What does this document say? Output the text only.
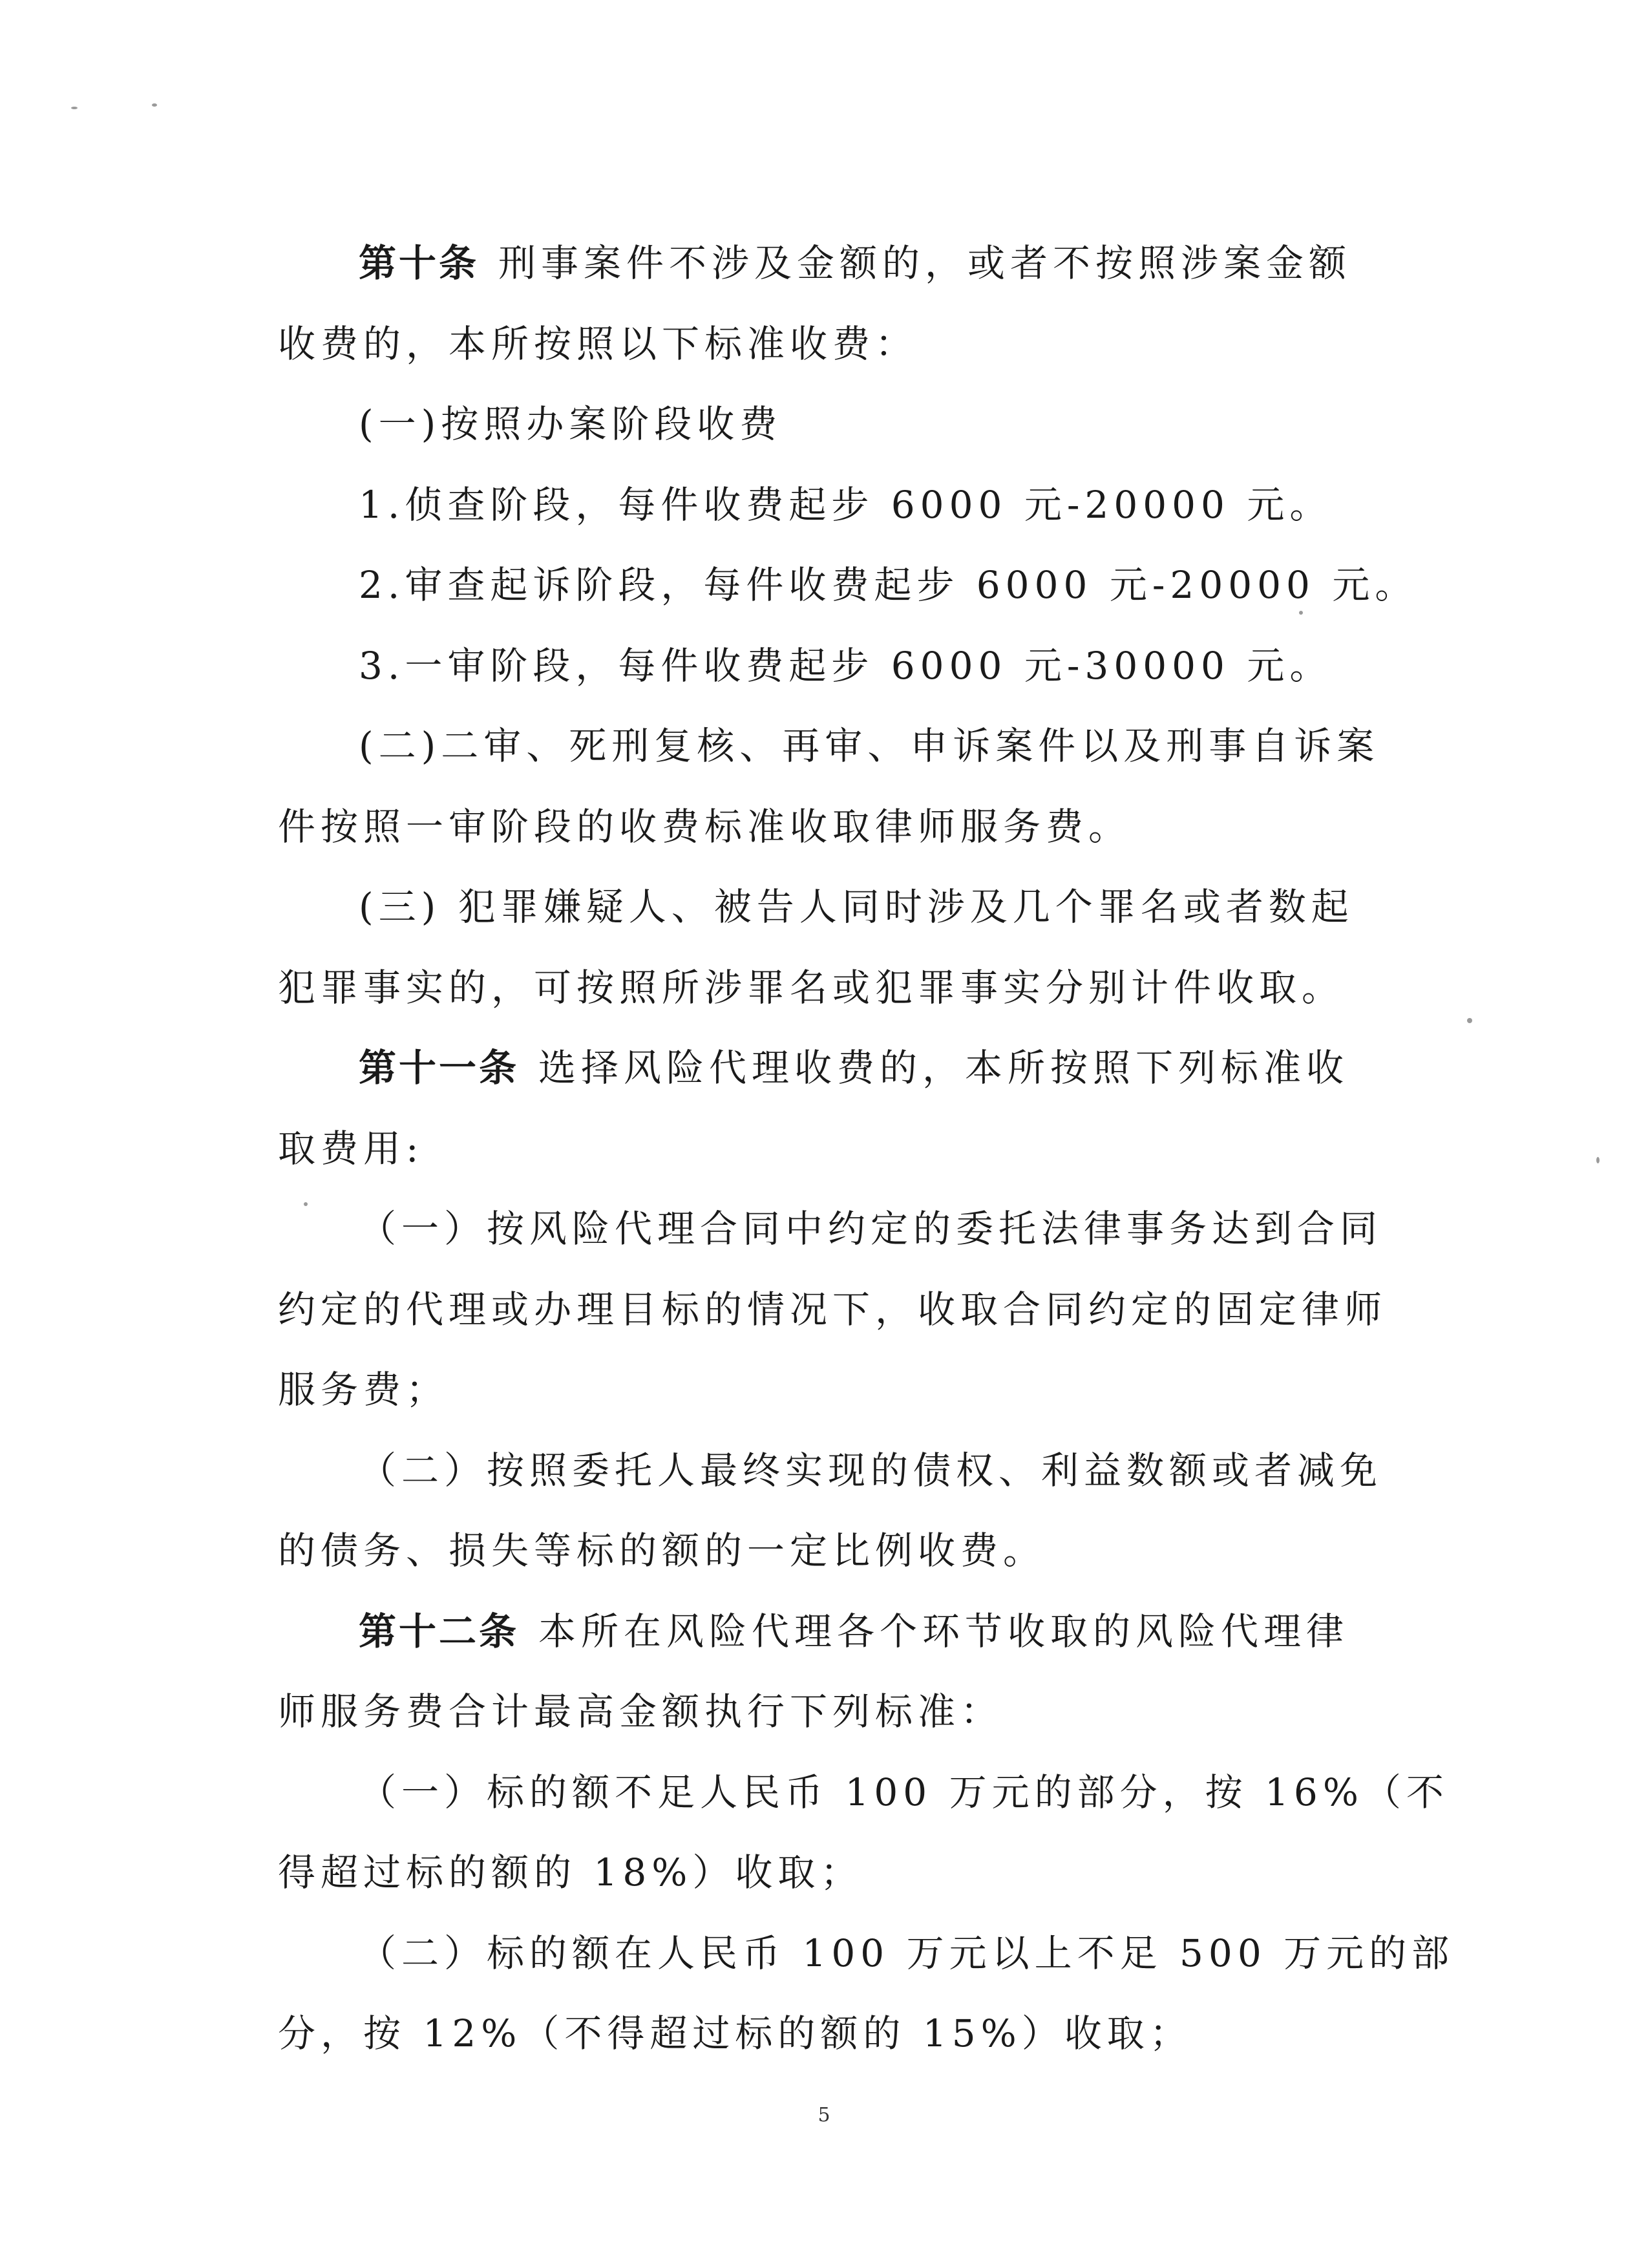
第十条 刑事案件不涉及金额的，或者不按照涉案金额
收费的，本所按照以下标准收费：
(一)按照办案阶段收费
1.侦查阶段，每件收费起步 6000 元-20000 元。
2.审查起诉阶段，每件收费起步 6000 元-20000 元。
3.一审阶段，每件收费起步 6000 元-30000 元。
(二)二审、死刑复核、再审、申诉案件以及刑事自诉案
件按照一审阶段的收费标准收取律师服务费。
(三) 犯罪嫌疑人、被告人同时涉及几个罪名或者数起
犯罪事实的，可按照所涉罪名或犯罪事实分别计件收取。
第十一条 选择风险代理收费的，本所按照下列标准收
取费用:
（一）按风险代理合同中约定的委托法律事务达到合同
约定的代理或办理目标的情况下，收取合同约定的固定律师
服务费；
（二）按照委托人最终实现的债权、利益数额或者减免
的债务、损失等标的额的一定比例收费。
第十二条 本所在风险代理各个环节收取的风险代理律
师服务费合计最高金额执行下列标准：
（一）标的额不足人民币 100 万元的部分，按 16%（不
得超过标的额的 18%）收取；
（二）标的额在人民币 100 万元以上不足 500 万元的部
分，按 12%（不得超过标的额的 15%）收取；
5
